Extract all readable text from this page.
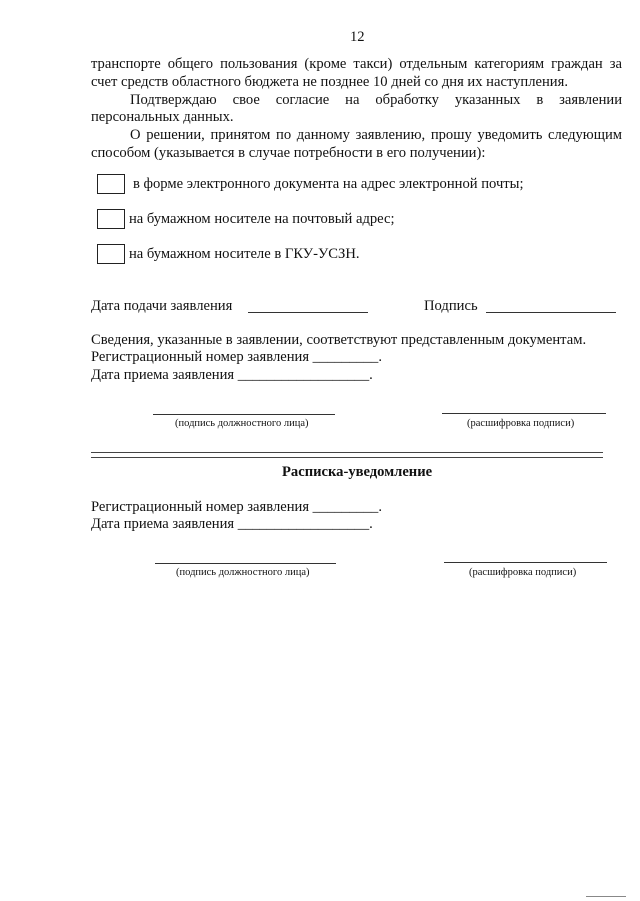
12
транспорте общего пользования (кроме такси) отдельным категориям граждан за
счет средств областного бюджета не позднее 10 дней со дня их наступления.
Подтверждаю свое согласие на обработку указанных в заявлении
персональных данных.
О решении, принятом по данному заявлению, прошу уведомить следующим
способом (указывается в случае потребности в его получении):
в форме электронного документа на адрес электронной почты;
на бумажном носителе на почтовый адрес;
на бумажном носителе в ГКУ-УСЗН.
Дата подачи заявления	Подпись
Сведения, указанные в заявлении, соответствуют представленным документам.
Регистрационный номер заявления _________.
Дата приема заявления __________________.
(подпись должностного лица)	(расшифровка подписи)
Расписка-уведомление
Регистрационный номер заявления _________.
Дата приема заявления __________________.
(подпись должностного лица)	(расшифровка подписи)
